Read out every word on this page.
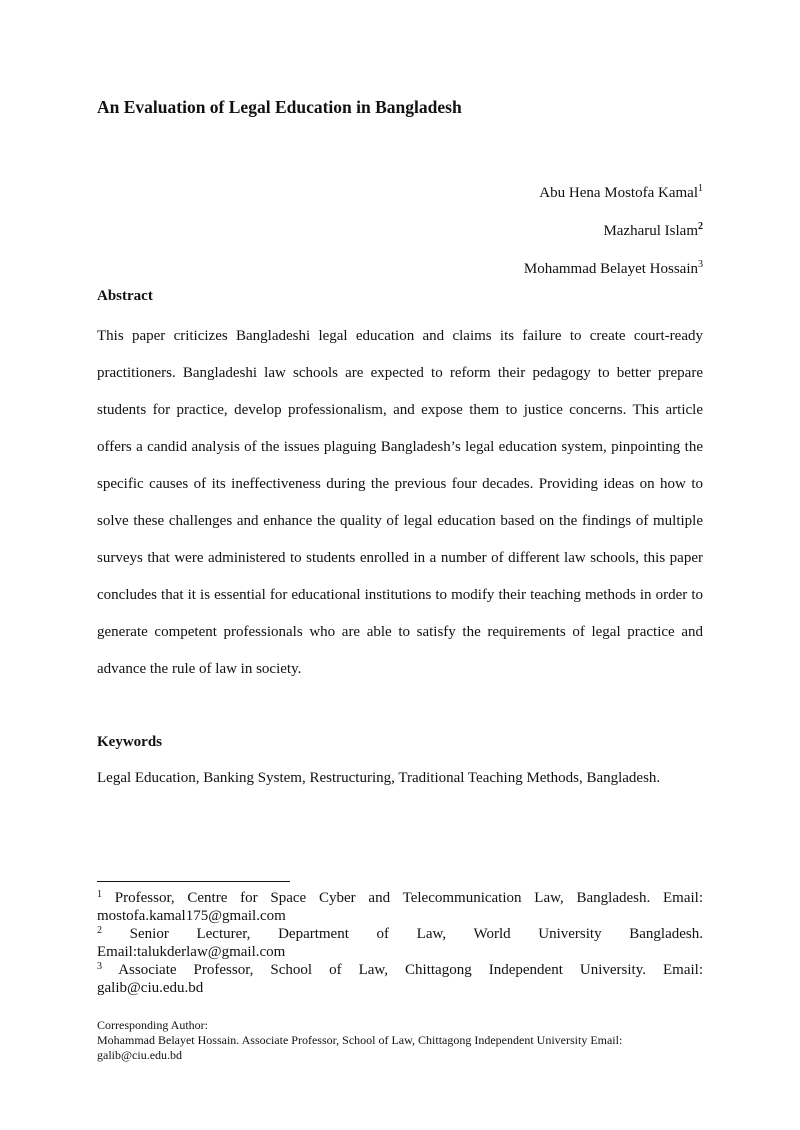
An Evaluation of Legal Education in Bangladesh
Abu Hena Mostofa Kamal$^1$
Mazharul Islam$^2$
Mohammad Belayet Hossain$^3$
Abstract

This paper criticizes Bangladeshi legal education and claims its failure to create court-ready practitioners. Bangladeshi law schools are expected to reform their pedagogy to better prepare students for practice, develop professionalism, and expose them to justice concerns. This article offers a candid analysis of the issues plaguing Bangladesh’s legal education system, pinpointing the specific causes of its ineffectiveness during the previous four decades. Providing ideas on how to solve these challenges and enhance the quality of legal education based on the findings of multiple surveys that were administered to students enrolled in a number of different law schools, this paper concludes that it is essential for educational institutions to modify their teaching methods in order to generate competent professionals who are able to satisfy the requirements of legal practice and advance the rule of law in society.

Keywords

Legal Education, Banking System, Restructuring, Traditional Teaching Methods, Bangladesh.

$^1$ Professor, Centre for Space Cyber and Telecommunication Law, Bangladesh. Email:
mostofa.kamal175@gmail.com
$^2$ Senior Lecturer, Department of Law, World University Bangladesh.
Email:talukderlaw@gmail.com
$^3$ Associate Professor, School of Law, Chittagong Independent University. Email:
galib@ciu.edu.bd
Corresponding Author:
Mohammad Belayet Hossain. Associate Professor, School of Law, Chittagong Independent University Email: galib@ciu.edu.bd
